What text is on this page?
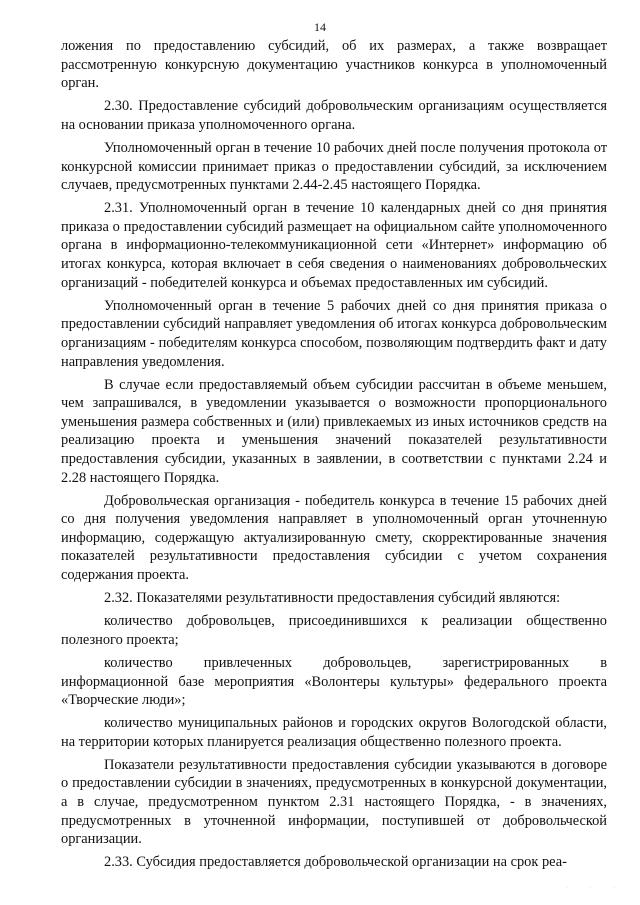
14

ложения по предоставлению субсидий, об их размерах, а также возвращает рассмотренную конкурсную документацию участников конкурса в уполномоченный орган.

2.30. Предоставление субсидий добровольческим организациям осуществляется на основании приказа уполномоченного органа.

Уполномоченный орган в течение 10 рабочих дней после получения протокола от конкурсной комиссии принимает приказ о предоставлении субсидий, за исключением случаев, предусмотренных пунктами 2.44-2.45 настоящего Порядка.

2.31. Уполномоченный орган в течение 10 календарных дней со дня принятия приказа о предоставлении субсидий размещает на официальном сайте уполномоченного органа в информационно-телекоммуникационной сети «Интернет» информацию об итогах конкурса, которая включает в себя сведения о наименованиях добровольческих организаций - победителей конкурса и объемах предоставленных им субсидий.

Уполномоченный орган в течение 5 рабочих дней со дня принятия приказа о предоставлении субсидий направляет уведомления об итогах конкурса добровольческим организациям - победителям конкурса способом, позволяющим подтвердить факт и дату направления уведомления.

В случае если предоставляемый объем субсидии рассчитан в объеме меньшем, чем запрашивался, в уведомлении указывается о возможности пропорционального уменьшения размера собственных и (или) привлекаемых из иных источников средств на реализацию проекта и уменьшения значений показателей результативности предоставления субсидии, указанных в заявлении, в соответствии с пунктами 2.24 и 2.28 настоящего Порядка.

Добровольческая организация - победитель конкурса в течение 15 рабочих дней со дня получения уведомления направляет в уполномоченный орган уточненную информацию, содержащую актуализированную смету, скорректированные значения показателей результативности предоставления субсидии с учетом сохранения содержания проекта.

2.32. Показателями результативности предоставления субсидий являются:

количество добровольцев, присоединившихся к реализации общественно полезного проекта;

количество привлеченных добровольцев, зарегистрированных в информационной базе мероприятия «Волонтеры культуры» федерального проекта «Творческие люди»;

количество муниципальных районов и городских округов Вологодской области, на территории которых планируется реализация общественно полезного проекта.

Показатели результативности предоставления субсидии указываются в договоре о предоставлении субсидии в значениях, предусмотренных в конкурсной документации, а в случае, предусмотренном пунктом 2.31 настоящего Порядка, - в значениях, предусмотренных в уточненной информации, поступившей от добровольческой организации.

2.33. Субсидия предоставляется добровольческой организации на срок реа-

· · ·
